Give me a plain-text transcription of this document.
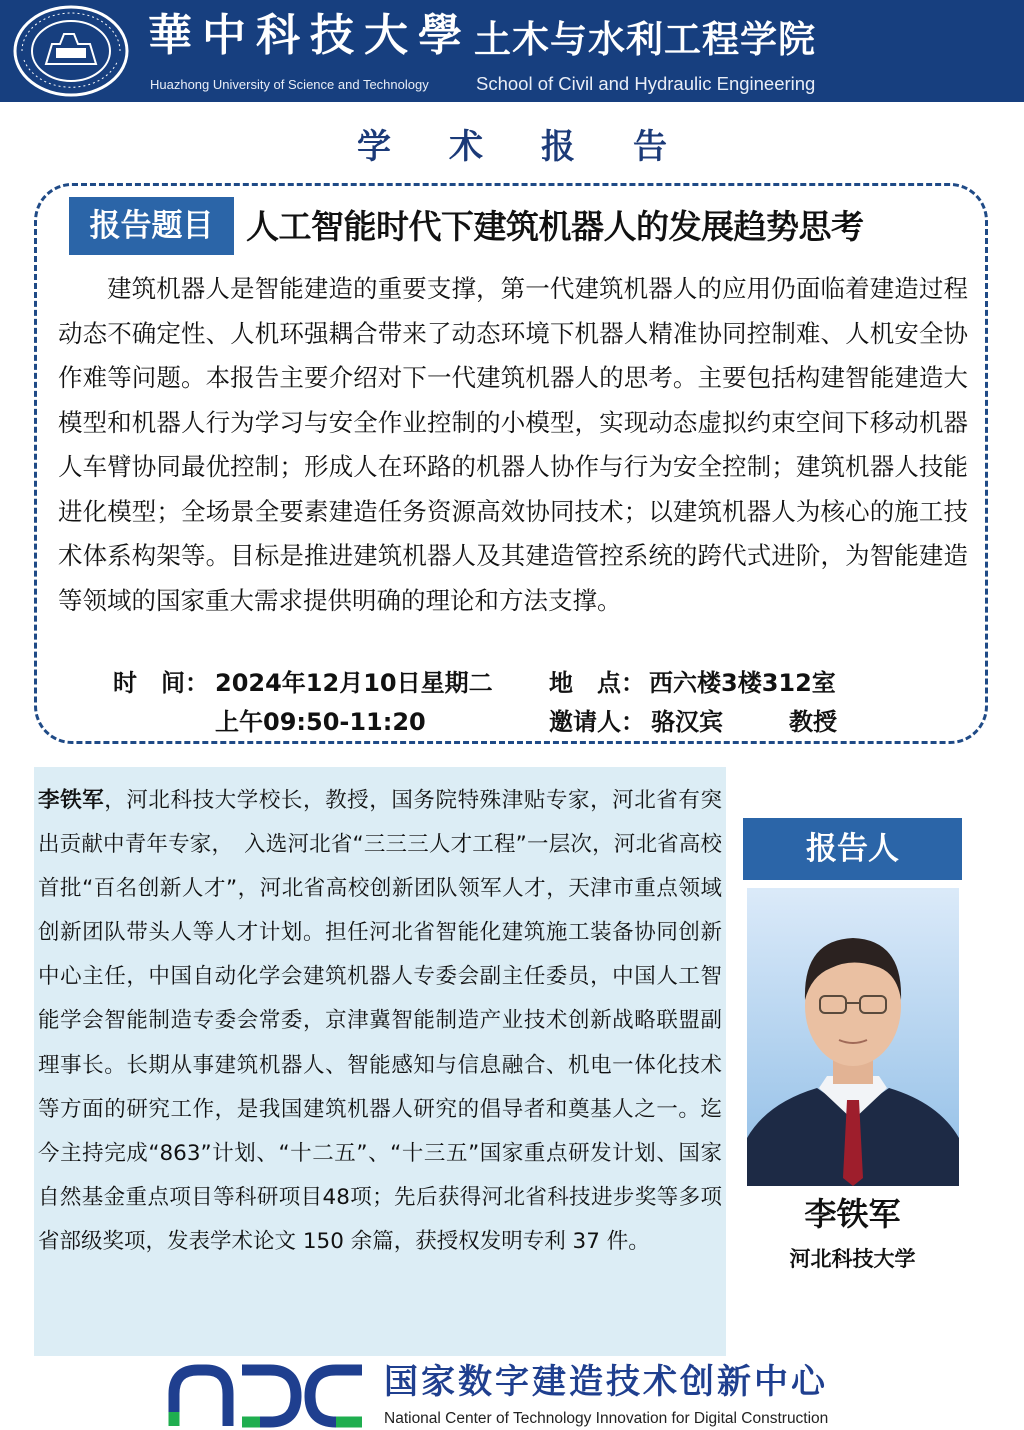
華中科技大學 土木与水利工程学院
Huazhong University of Science and Technology	School of Civil and Hydraulic Engineering
学术报告
报告题目 人工智能时代下建筑机器人的发展趋势思考

建筑机器人是智能建造的重要支撑，第一代建筑机器人的应用仍面临着建造过程动态不确定性、人机环强耦合带来了动态环境下机器人精准协同控制难、人机安全协作难等问题。本报告主要介绍对下一代建筑机器人的思考。主要包括构建智能建造大模型和机器人行为学习与安全作业控制的小模型，实现动态虚拟约束空间下移动机器人车臂协同最优控制；形成人在环路的机器人协作与行为安全控制；建筑机器人技能进化模型；全场景全要素建造任务资源高效协同技术；以建筑机器人为核心的施工技术体系构架等。目标是推进建筑机器人及其建造管控系统的跨代式进阶，为智能建造等领域的国家重大需求提供明确的理论和方法支撑。

时　间： 2024年12月10日星期二
上午09:50-11:20
地　点： 西六楼3楼312室
邀请人： 骆汉宾	教授

李铁军，河北科技大学校长，教授，国务院特殊津贴专家，河北省有突出贡献中青年专家，　入选河北省“三三三人才工程”一层次，河北省高校首批“百名创新人才”，河北省高校创新团队领军人才，天津市重点领域创新团队带头人等人才计划。担任河北省智能化建筑施工装备协同创新中心主任，中国自动化学会建筑机器人专委会副主任委员，中国人工智能学会智能制造专委会常委，京津冀智能制造产业技术创新战略联盟副理事长。长期从事建筑机器人、智能感知与信息融合、机电一体化技术等方面的研究工作，是我国建筑机器人研究的倡导者和奠基人之一。迄今主持完成“863”计划、“十二五”、“十三五”国家重点研发计划、国家自然基金重点项目等科研项目48项；先后获得河北省科技进步奖等多项省部级奖项，发表学术论文 150 余篇，获授权发明专利 37 件。

报告人
李铁军
河北科技大学
国家数字建造技术创新中心
National Center of Technology Innovation for Digital Construction
